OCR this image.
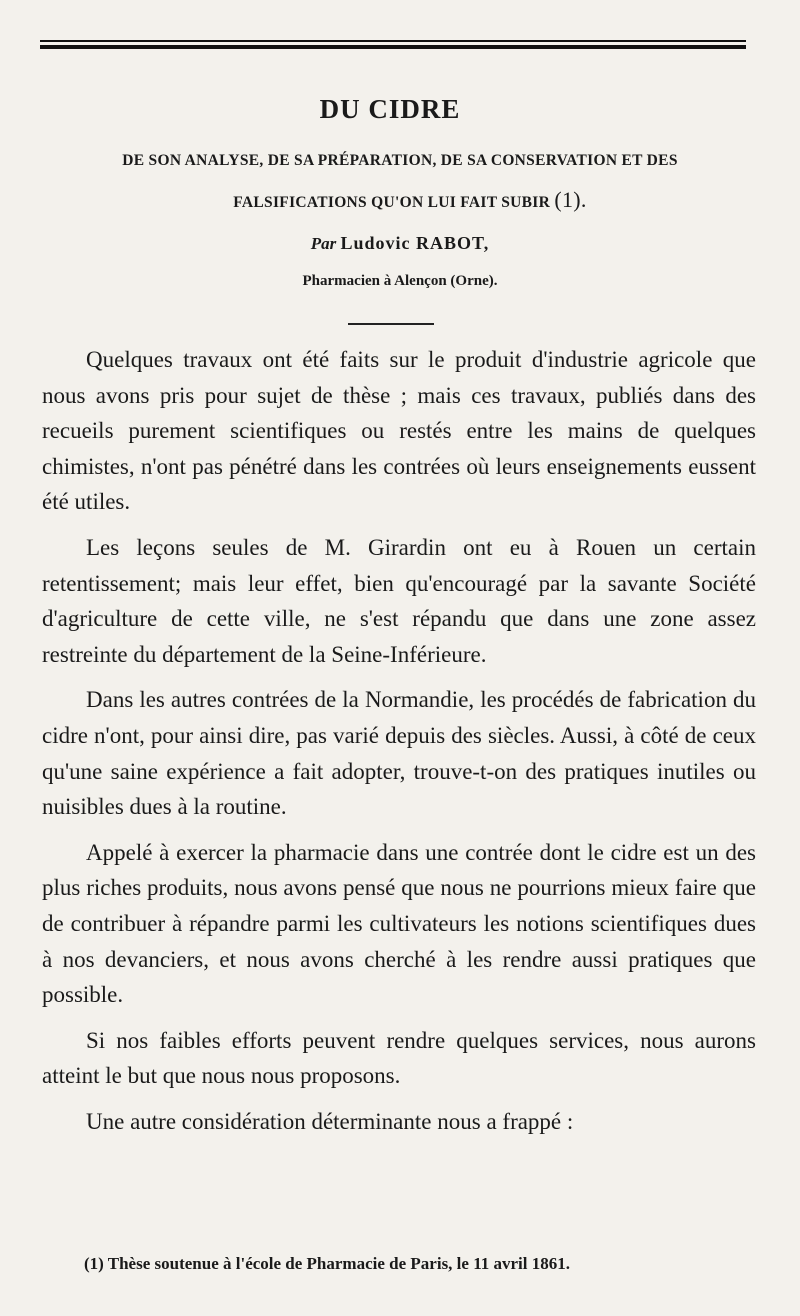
DU CIDRE
DE SON ANALYSE, DE SA PRÉPARATION, DE SA CONSERVATION ET DES
FALSIFICATIONS QU'ON LUI FAIT SUBIR (1).
Par Ludovic RABOT,
Pharmacien à Alençon (Orne).

Quelques travaux ont été faits sur le produit d'industrie agricole que nous avons pris pour sujet de thèse ; mais ces travaux, publiés dans des recueils purement scientifiques ou restés entre les mains de quelques chimistes, n'ont pas pénétré dans les contrées où leurs enseignements eussent été utiles.

Les leçons seules de M. Girardin ont eu à Rouen un certain retentissement; mais leur effet, bien qu'encouragé par la savante Société d'agriculture de cette ville, ne s'est répandu que dans une zone assez restreinte du département de la Seine-Inférieure.

Dans les autres contrées de la Normandie, les procédés de fabrication du cidre n'ont, pour ainsi dire, pas varié depuis des siècles. Aussi, à côté de ceux qu'une saine expérience a fait adopter, trouve-t-on des pratiques inutiles ou nuisibles dues à la routine.

Appelé à exercer la pharmacie dans une contrée dont le cidre est un des plus riches produits, nous avons pensé que nous ne pourrions mieux faire que de contribuer à répandre parmi les cultivateurs les notions scientifiques dues à nos devanciers, et nous avons cherché à les rendre aussi pratiques que possible.

Si nos faibles efforts peuvent rendre quelques services, nous aurons atteint le but que nous nous proposons.

Une autre considération déterminante nous a frappé :

(1) Thèse soutenue à l'école de Pharmacie de Paris, le 11 avril 1861.
